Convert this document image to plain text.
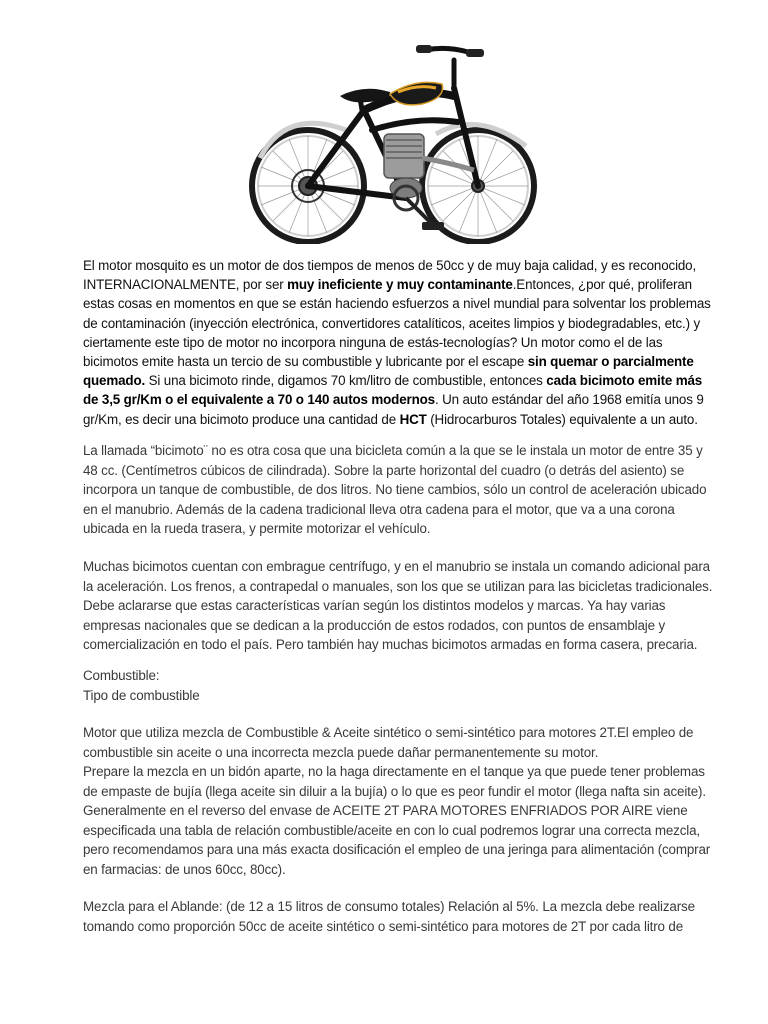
El motor mosquito es un motor de dos tiempos de menos de 50cc y de muy baja calidad, y es reconocido,
INTERNACIONALMENTE, por ser muy ineficiente y muy contaminante.Entonces, ¿por qué, proliferan
estas cosas en momentos en que se están haciendo esfuerzos a nivel mundial para solventar los problemas
de contaminación (inyección electrónica, convertidores catalíticos, aceites limpios y biodegradables, etc.) y
ciertamente este tipo de motor no incorpora ninguna de estás-tecnologías? Un motor como el de las
bicimotos emite hasta un tercio de su combustible y lubricante por el escape sin quemar o parcialmente
quemado. Si una bicimoto rinde, digamos 70 km/litro de combustible, entonces cada bicimoto emite más
de 3,5 gr/Km o el equivalente a 70 o 140 autos modernos. Un auto estándar del año 1968 emitía unos 9
gr/Km, es decir una bicimoto produce una cantidad de HCT (Hidrocarburos Totales) equivalente a un auto.
La llamada “bicimoto¨ no es otra cosa que una bicicleta común a la que se le instala un motor de entre 35 y
48 cc. (Centímetros cúbicos de cilindrada). Sobre la parte horizontal del cuadro (o detrás del asiento) se
incorpora un tanque de combustible, de dos litros. No tiene cambios, sólo un control de aceleración ubicado
en el manubrio. Además de la cadena tradicional lleva otra cadena para el motor, que va a una corona
ubicada en la rueda trasera, y permite motorizar el vehículo.
Muchas bicimotos cuentan con embrague centrífugo, y en el manubrio se instala un comando adicional para
la aceleración. Los frenos, a contrapedal o manuales, son los que se utilizan para las bicicletas tradicionales.
Debe aclararse que estas características varían según los distintos modelos y marcas. Ya hay varias
empresas nacionales que se dedican a la producción de estos rodados, con puntos de ensamblaje y
comercialización en todo el país. Pero también hay muchas bicimotos armadas en forma casera, precaria.
Combustible:
Tipo de combustible
Motor que utiliza mezcla de Combustible & Aceite sintético o semi-sintético para motores 2T.El empleo de
combustible sin aceite o una incorrecta mezcla puede dañar permanentemente su motor.
Prepare la mezcla en un bidón aparte, no la haga directamente en el tanque ya que puede tener problemas
de empaste de bujía (llega aceite sin diluir a la bujía) o lo que es peor fundir el motor (llega nafta sin aceite).
Generalmente en el reverso del envase de ACEITE 2T PARA MOTORES ENFRIADOS POR AIRE viene
especificada una tabla de relación combustible/aceite en con lo cual podremos lograr una correcta mezcla,
pero recomendamos para una más exacta dosificación el empleo de una jeringa para alimentación (comprar
en farmacias: de unos 60cc, 80cc).
Mezcla para el Ablande: (de 12 a 15 litros de consumo totales) Relación al 5%. La mezcla debe realizarse
tomando como proporción 50cc de aceite sintético o semi-sintético para motores de 2T por cada litro de
